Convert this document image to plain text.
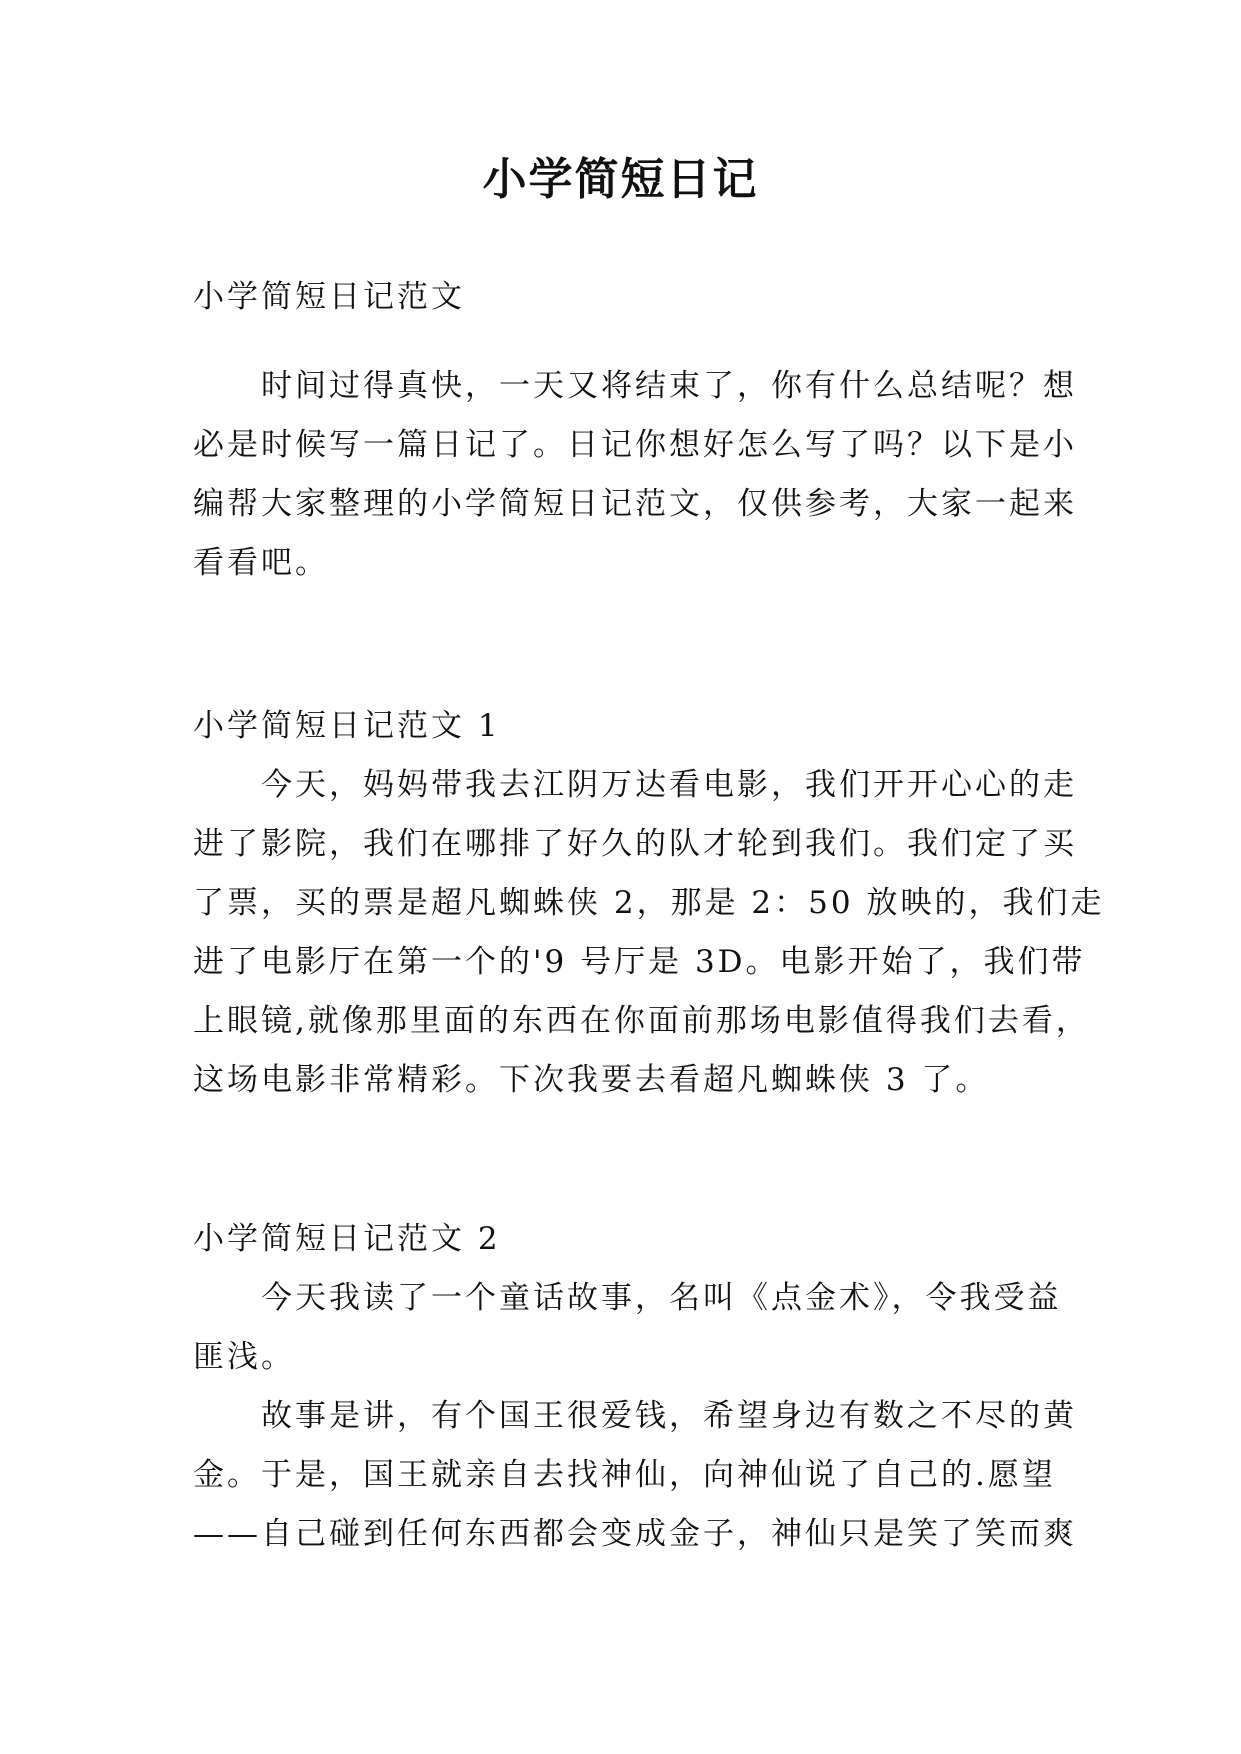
小学简短日记

小学简短日记范文

　　时间过得真快，一天又将结束了，你有什么总结呢？想
必是时候写一篇日记了。日记你想好怎么写了吗？以下是小
编帮大家整理的小学简短日记范文，仅供参考，大家一起来
看看吧。

小学简短日记范文 1

　　今天，妈妈带我去江阴万达看电影，我们开开心心的走
进了影院，我们在哪排了好久的队才轮到我们。我们定了买
了票，买的票是超凡蜘蛛侠 2，那是 2：50 放映的，我们走
进了电影厅在第一个的'9 号厅是 3D。电影开始了，我们带
上眼镜,就像那里面的东西在你面前那场电影值得我们去看，
这场电影非常精彩。下次我要去看超凡蜘蛛侠 3 了。

小学简短日记范文 2

　　今天我读了一个童话故事，名叫《点金术》，令我受益
匪浅。
　　故事是讲，有个国王很爱钱，希望身边有数之不尽的黄
金。于是，国王就亲自去找神仙，向神仙说了自己的.愿望
——自己碰到任何东西都会变成金子，神仙只是笑了笑而爽
